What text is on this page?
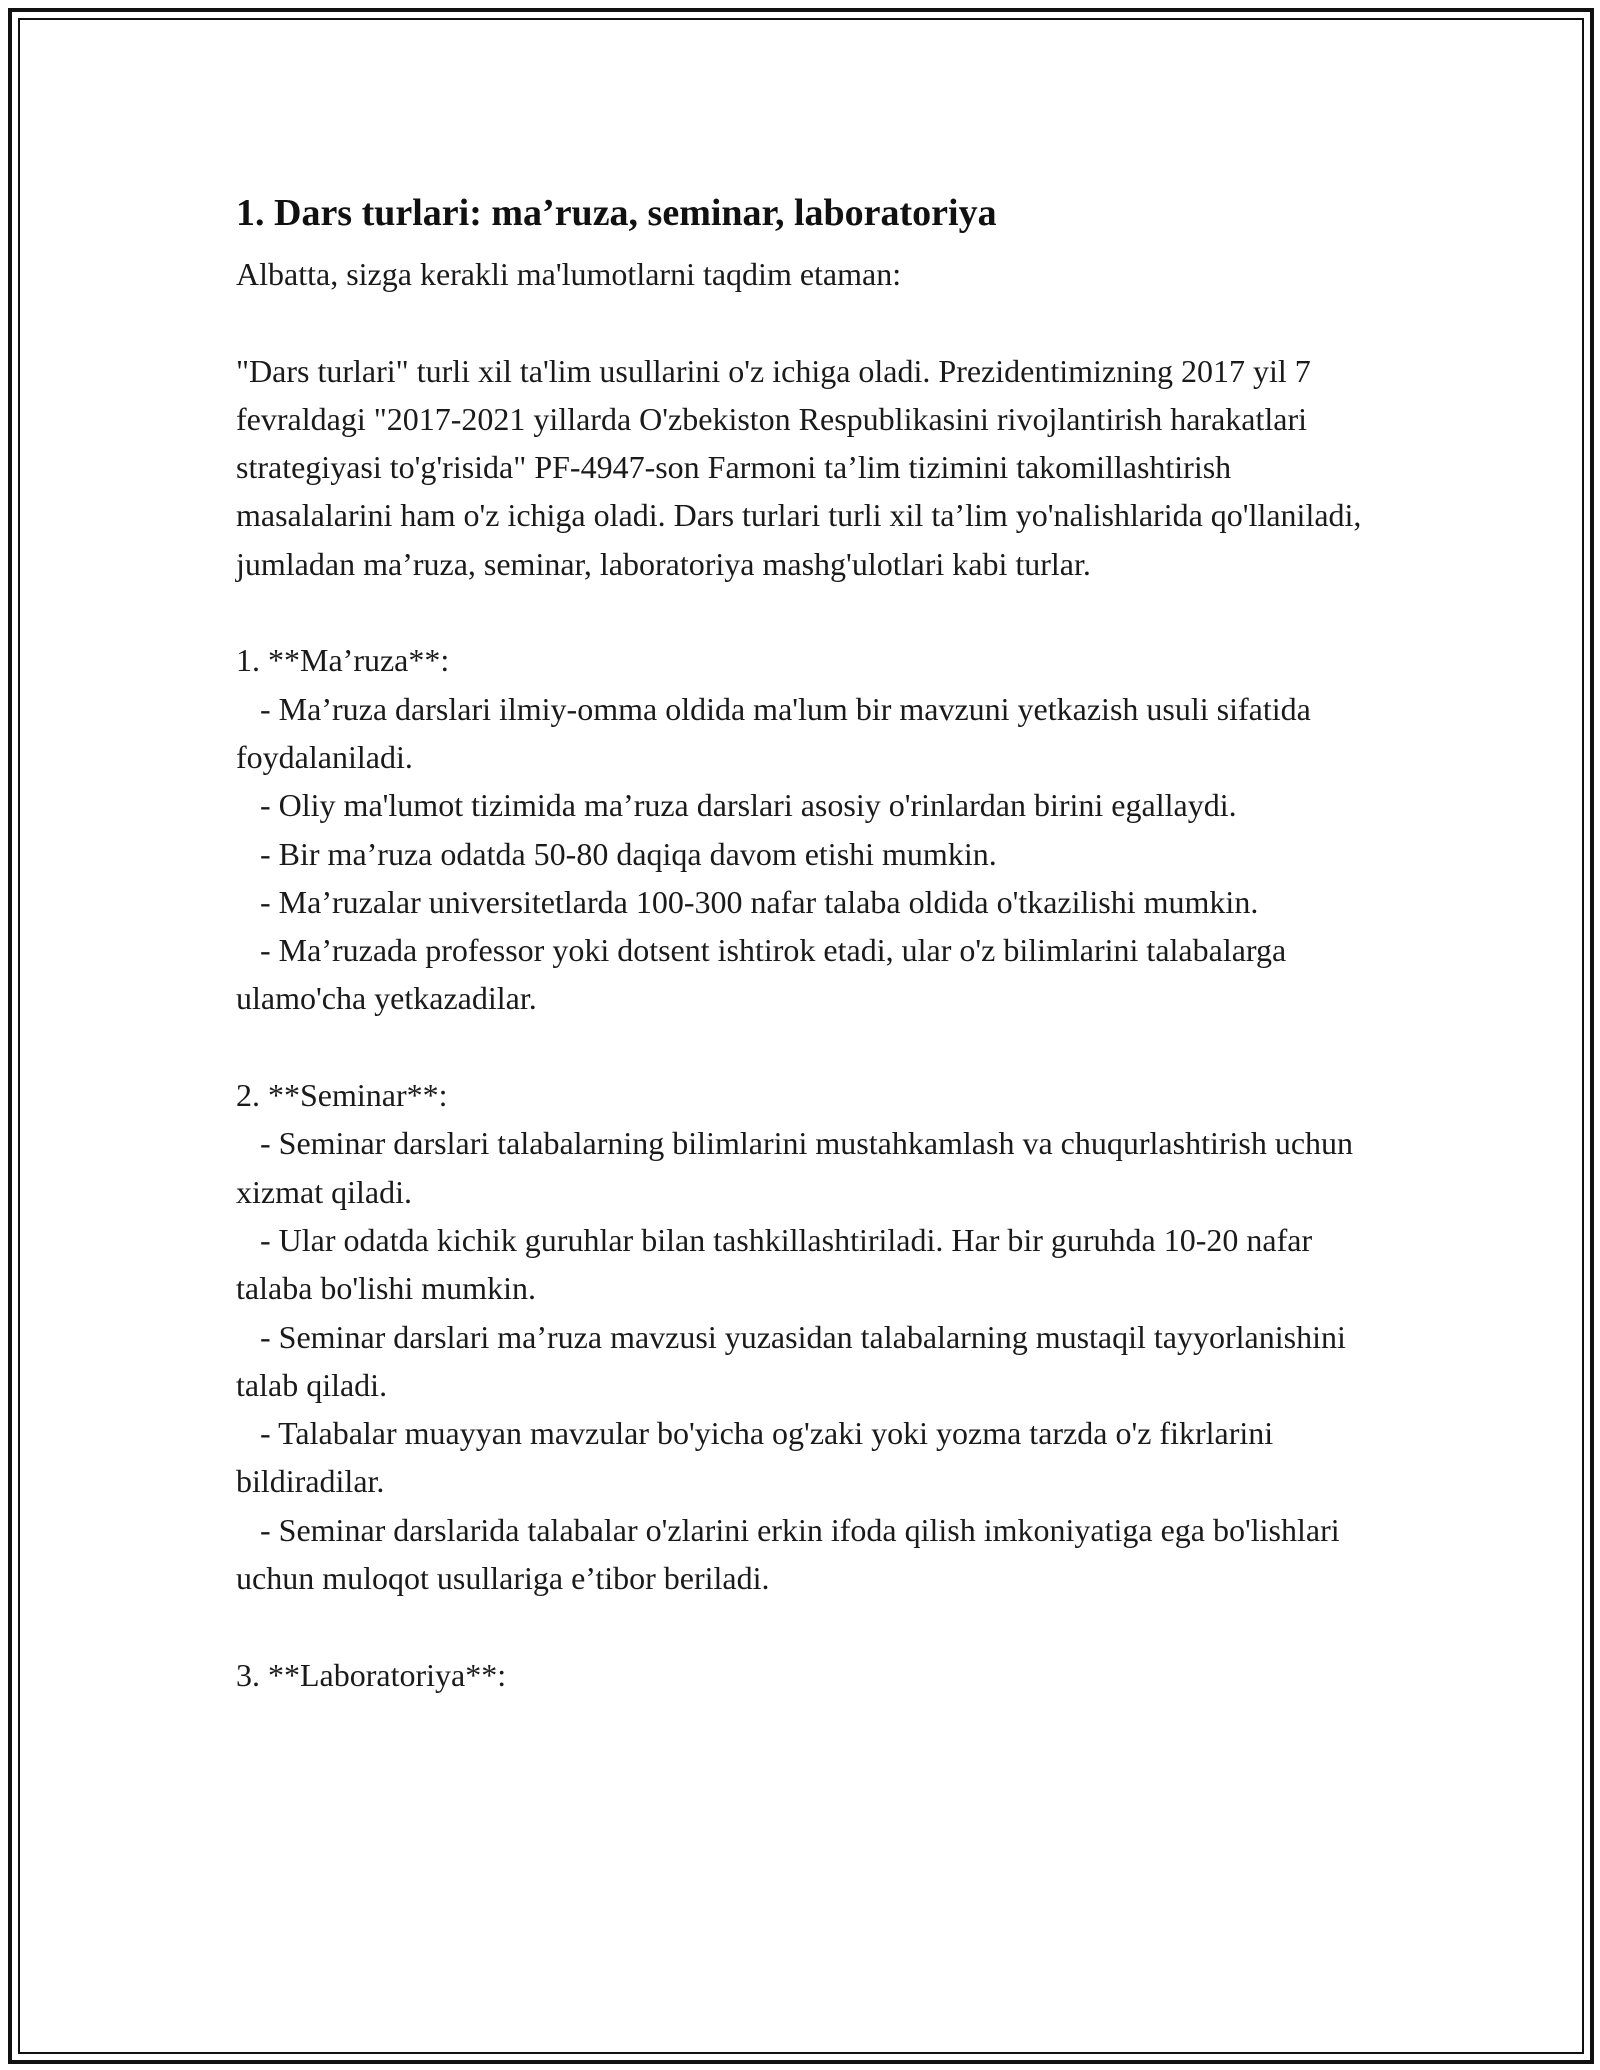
1. Dars turlari: ma’ruza, seminar, laboratoriya

Albatta, sizga kerakli ma'lumotlarni taqdim etaman:

"Dars turlari" turli xil ta'lim usullarini o'z ichiga oladi. Prezidentimizning 2017 yil 7 fevraldagi "2017-2021 yillarda O'zbekiston Respublikasini rivojlantirish harakatlari strategiyasi to'g'risida" PF-4947-son Farmoni ta’lim tizimini takomillashtirish masalalarini ham o'z ichiga oladi. Dars turlari turli xil ta’lim yo'nalishlarida qo'llaniladi, jumladan ma’ruza, seminar, laboratoriya mashg'ulotlari kabi turlar.

1. **Ma’ruza**:

- Ma’ruza darslari ilmiy-omma oldida ma'lum bir mavzuni yetkazish usuli sifatida foydalaniladi.

- Oliy ma'lumot tizimida ma’ruza darslari asosiy o'rinlardan birini egallaydi.

- Bir ma’ruza odatda 50-80 daqiqa davom etishi mumkin.

- Ma’ruzalar universitetlarda 100-300 nafar talaba oldida o'tkazilishi mumkin.

- Ma’ruzada professor yoki dotsent ishtirok etadi, ular o'z bilimlarini talabalarga ulamo'cha yetkazadilar.

2. **Seminar**:

- Seminar darslari talabalarning bilimlarini mustahkamlash va chuqurlashtirish uchun xizmat qiladi.

- Ular odatda kichik guruhlar bilan tashkillashtiriladi. Har bir guruhda 10-20 nafar talaba bo'lishi mumkin.

- Seminar darslari ma’ruza mavzusi yuzasidan talabalarning mustaqil tayyorlanishini talab qiladi.

- Talabalar muayyan mavzular bo'yicha og'zaki yoki yozma tarzda o'z fikrlarini bildiradilar.

- Seminar darslarida talabalar o'zlarini erkin ifoda qilish imkoniyatiga ega bo'lishlari uchun muloqot usullariga e’tibor beriladi.

3. **Laboratoriya**:
